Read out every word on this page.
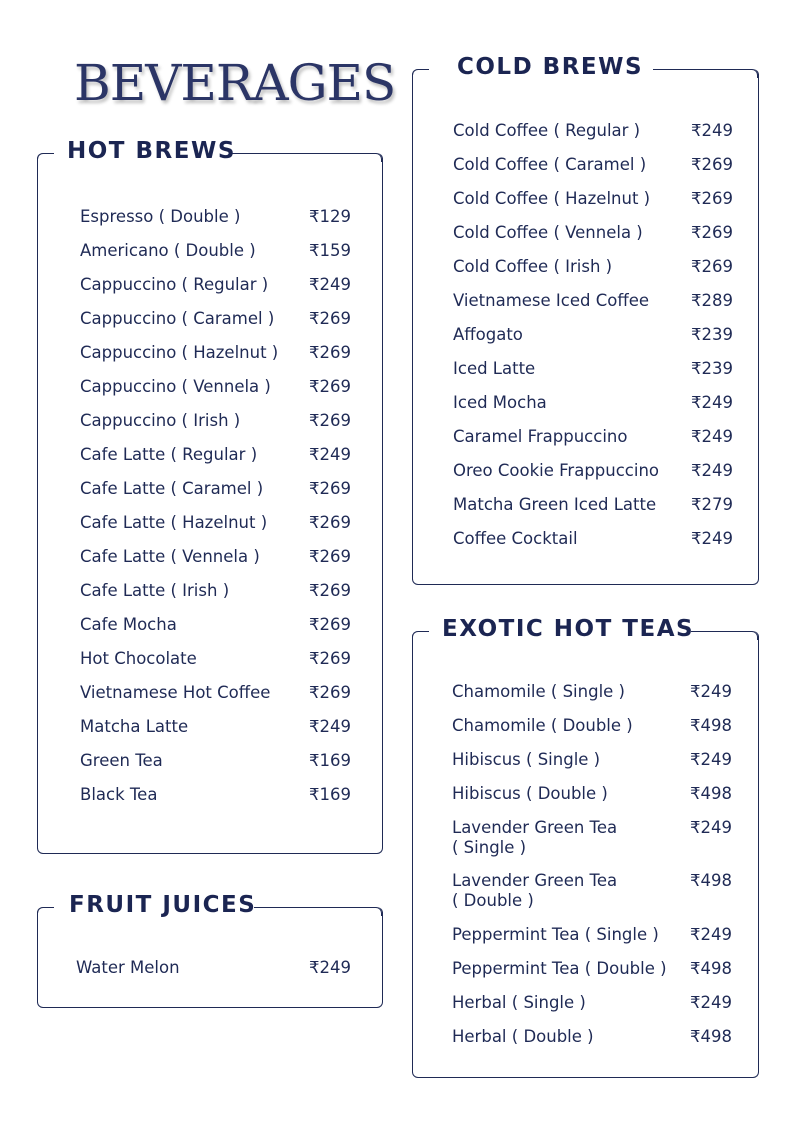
BEVERAGES
HOT BREWS
Espresso ( Double )	₹129
Americano ( Double )	₹159
Cappuccino ( Regular ) ₹249
Cappuccino ( Caramel ) ₹269
Cappuccino ( Hazelnut ) ₹269
Cappuccino ( Vennela ) ₹269
Cappuccino ( Irish )	₹269
Cafe Latte ( Regular )	₹249
Cafe Latte ( Caramel )	₹269
Cafe Latte ( Hazelnut )	₹269
Cafe Latte ( Vennela )	₹269
Cafe Latte ( Irish )	₹269
Cafe Mocha	₹269
Hot Chocolate	₹269
Vietnamese Hot Coffee ₹269
Matcha Latte	₹249
Green Tea	₹169
Black Tea	₹169
FRUIT JUICES
Water Melon	₹249
COLD BREWS
Cold Coffee ( Regular )	₹249
Cold Coffee ( Caramel )	₹269
Cold Coffee ( Hazelnut ) ₹269
Cold Coffee ( Vennela )	₹269
Cold Coffee ( Irish )	₹269
Vietnamese Iced Coffee	₹289
Affogato	₹239
Iced Latte	₹239
Iced Mocha	₹249
Caramel Frappuccino	₹249
Oreo Cookie Frappuccino ₹249
Matcha Green Iced Latte ₹279
Coffee Cocktail	₹249
EXOTIC HOT TEAS
Chamomile ( Single )	₹249
Chamomile ( Double )	₹498
Hibiscus ( Single )	₹249
Hibiscus ( Double )	₹498
Lavender Green Tea
( Single )
₹249
Lavender Green Tea
( Double )
₹498
Peppermint Tea ( Single ) ₹249
Peppermint Tea ( Double ) ₹498
Herbal ( Single )	₹249
Herbal ( Double )	₹498
